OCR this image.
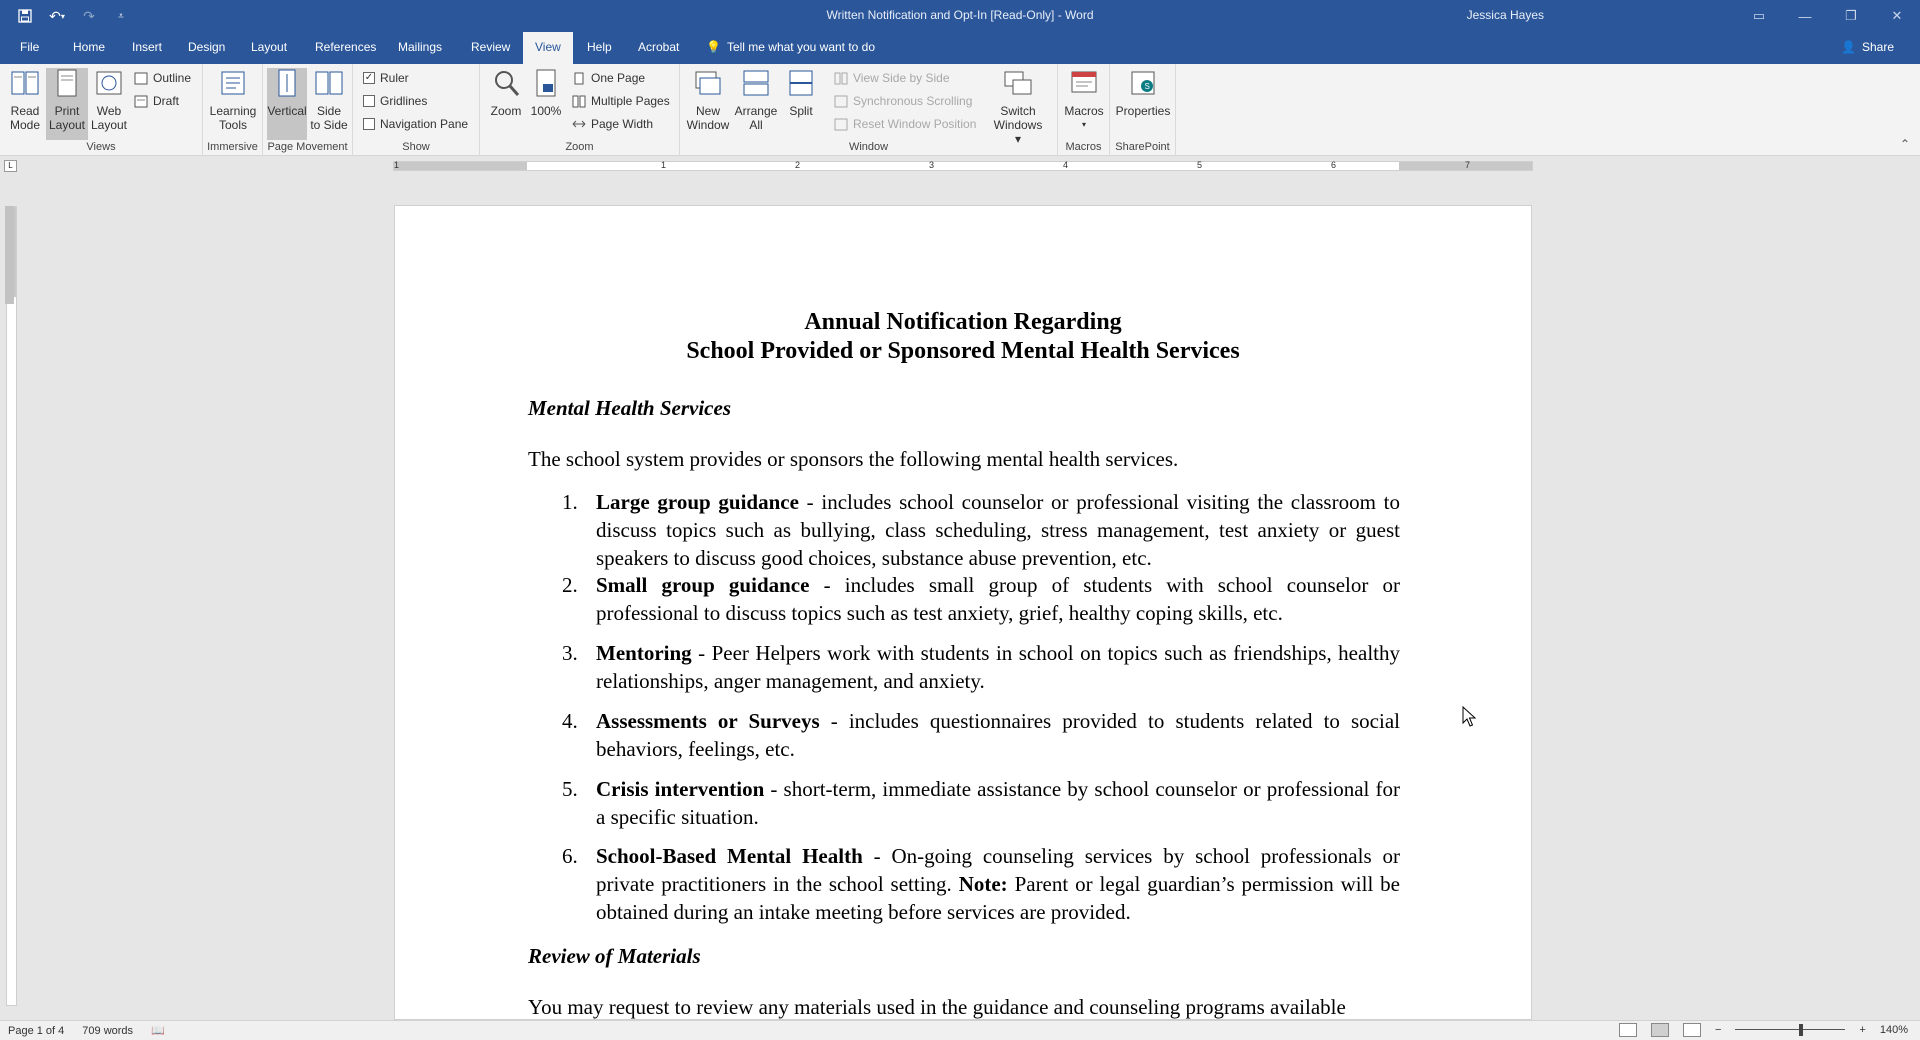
↶ ▾	↷	⩡	Written Notification and Opt-In [Read-Only] - Word	Jessica Hayes	▭	—	❐	✕
File	Home Insert Design Layout References Mailings Review	View	Help Acrobat 💡 Tell me what you want to do	👤 Share
Read
Mode
Print
Layout
Web
Layout
Outline
Draft
Views
Learning
Tools
Immersive
Vertical Side
to Side
Page Movement
✓ Ruler
Gridlines
Navigation Pane
Show
Zoom 100%
One Page
Multiple Pages
Page Width
Zoom
New
Window
Arrange
All
Split
View Side by Side
Synchronous Scrolling
Reset Window Position
Switch
Windows ▾
Window
Macros
▾
Macros
S
Properties
SharePoint	⌃
L	1	1	2	3	4	5	6	7
Annual Notification Regarding
School Provided or Sponsored Mental Health Services
Mental Health Services
The school system provides or sponsors the following mental health services.
1. Large group guidance - includes school counselor or professional visiting the classroom to discuss topics such as bullying, class scheduling, stress management, test anxiety or guest speakers to discuss good choices, substance abuse prevention, etc.
2. Small group guidance - includes small group of students with school counselor or professional to discuss topics such as test anxiety, grief, healthy coping skills, etc.
3. Mentoring - Peer Helpers work with students in school on topics such as friendships, healthy relationships, anger management, and anxiety.
4. Assessments or Surveys - includes questionnaires provided to students related to social behaviors, feelings, etc.
5. Crisis intervention - short-term, immediate assistance by school counselor or professional for a specific situation.
6. School-Based Mental Health - On-going counseling services by school professionals or private practitioners in the school setting. Note: Parent or legal guardian’s permission will be obtained during an intake meeting before services are provided.
Review of Materials
You may request to review any materials used in the guidance and counseling programs available
Page 1 of 4 709 words 📖	−	+ 140%
